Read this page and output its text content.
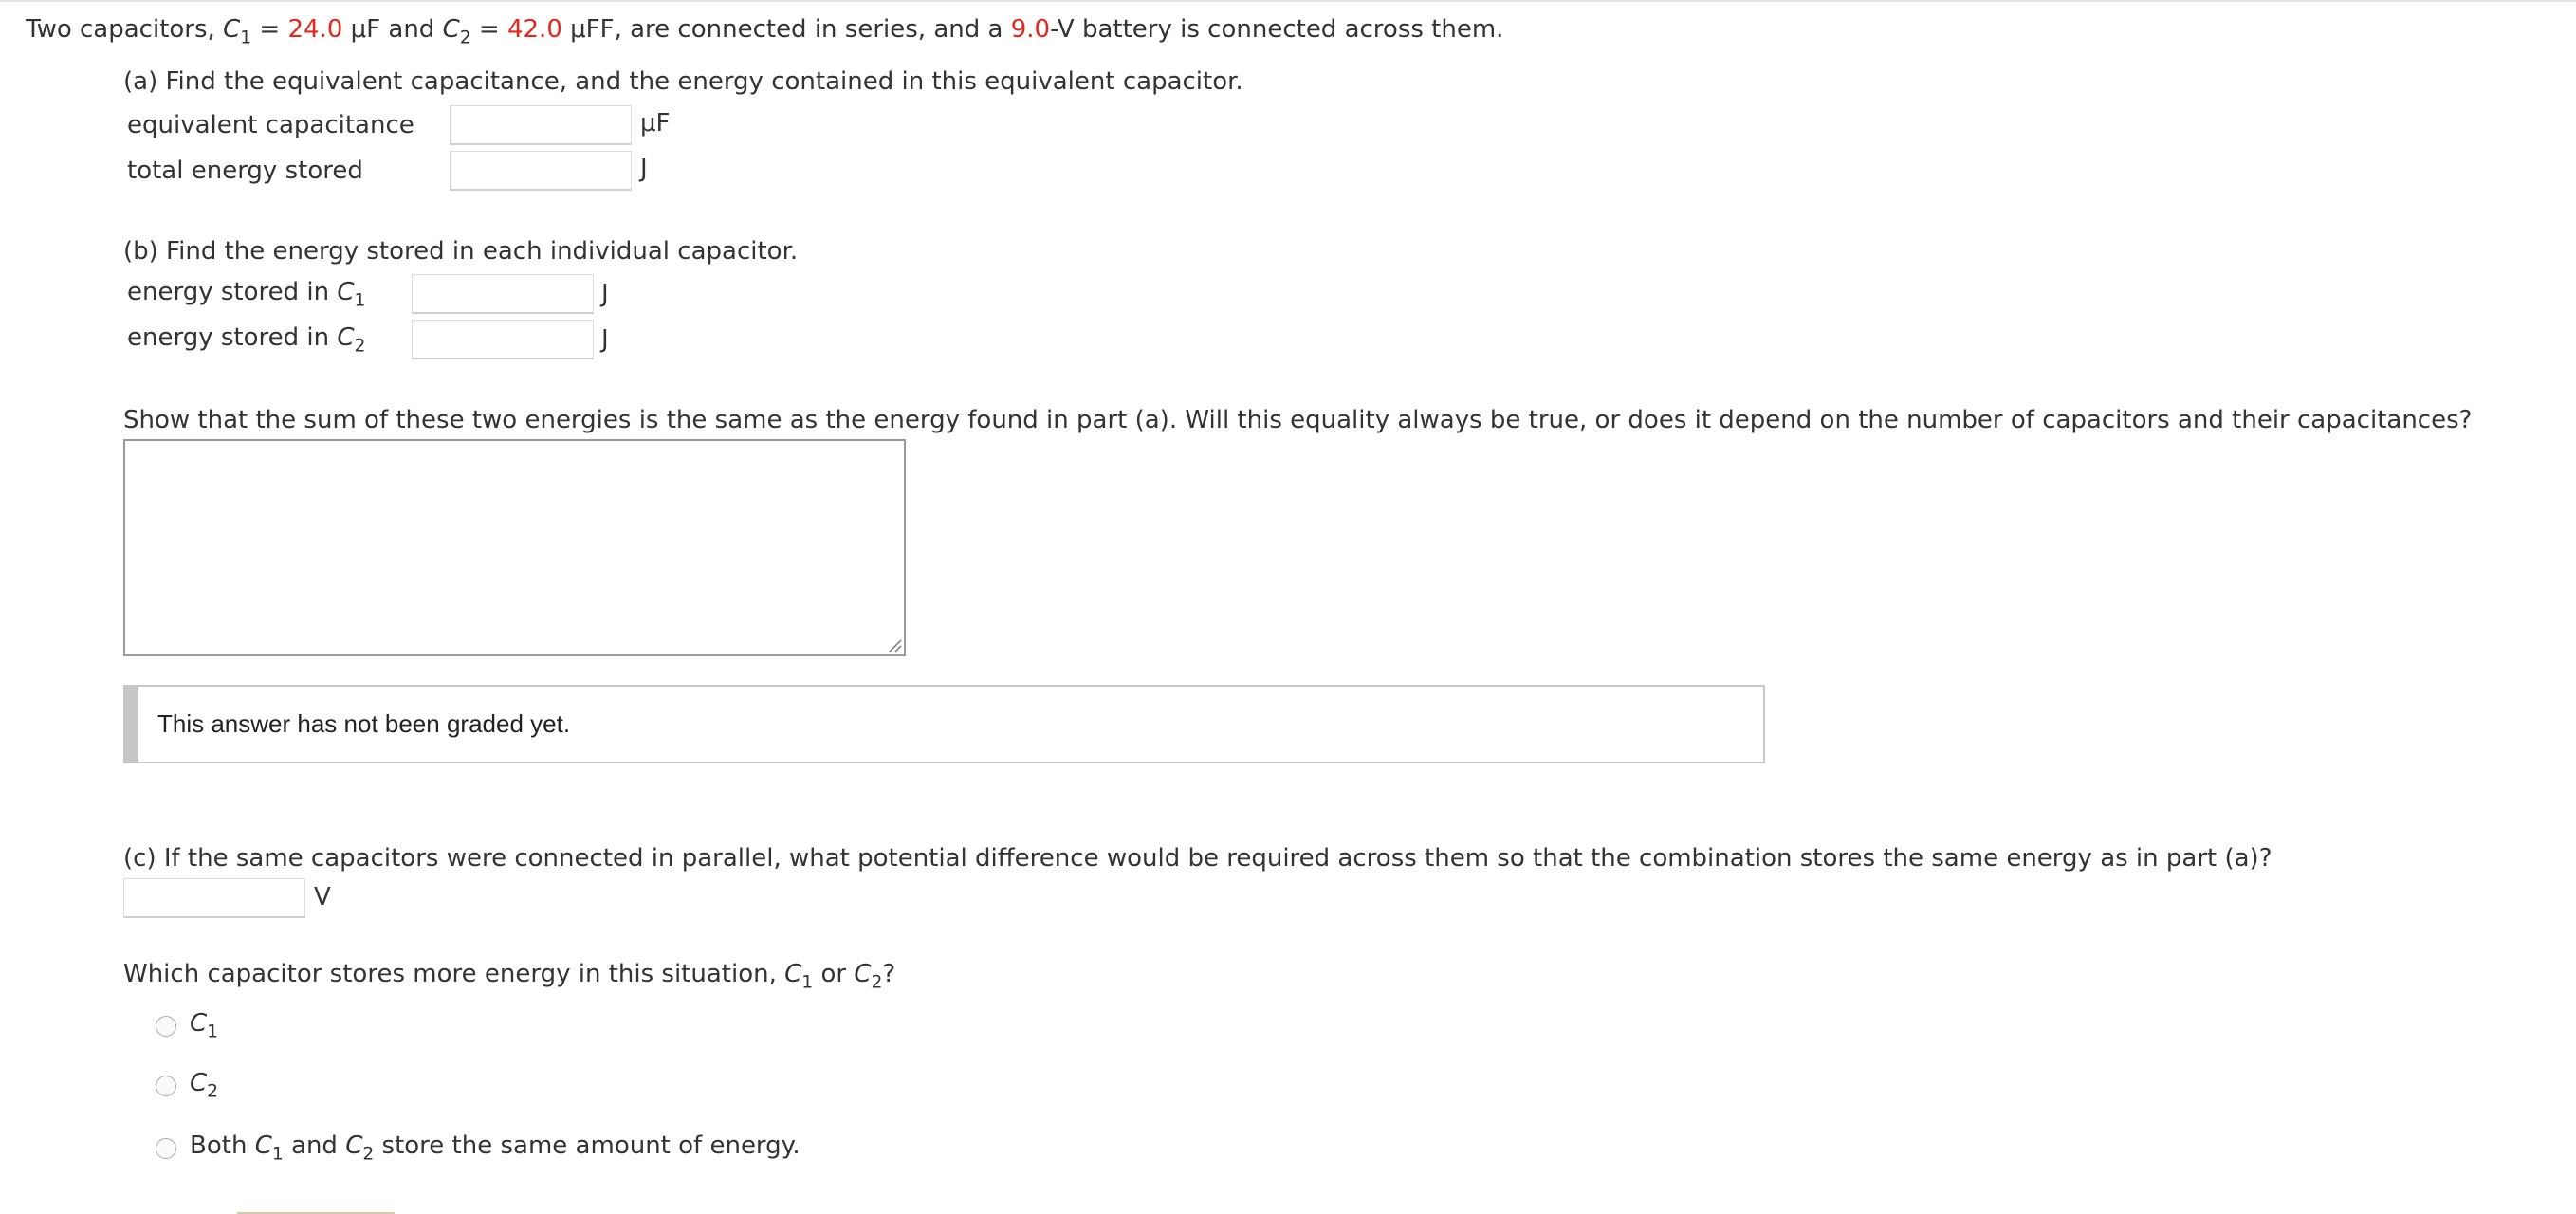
Two capacitors, $C_1 = 24.0$ μF and $C_2 = 42.0$ μFF, are connected in series, and a 9.0-V battery is connected across them.
(a) Find the equivalent capacitance, and the energy contained in this equivalent capacitor.
equivalent capacitance	μF
total energy stored	J
(b) Find the energy stored in each individual capacitor.
energy stored in $C_1$	J
energy stored in $C_2$	J
Show that the sum of these two energies is the same as the energy found in part (a). Will this equality always be true, or does it depend on the number of capacitors and their capacitances?
This answer has not been graded yet.
(c) If the same capacitors were connected in parallel, what potential difference would be required across them so that the combination stores the same energy as in part (a)?
V
Which capacitor stores more energy in this situation, $C_1$ or $C_2$?
$C_1$
$C_2$
Both $C_1$ and $C_2$ store the same amount of energy.
